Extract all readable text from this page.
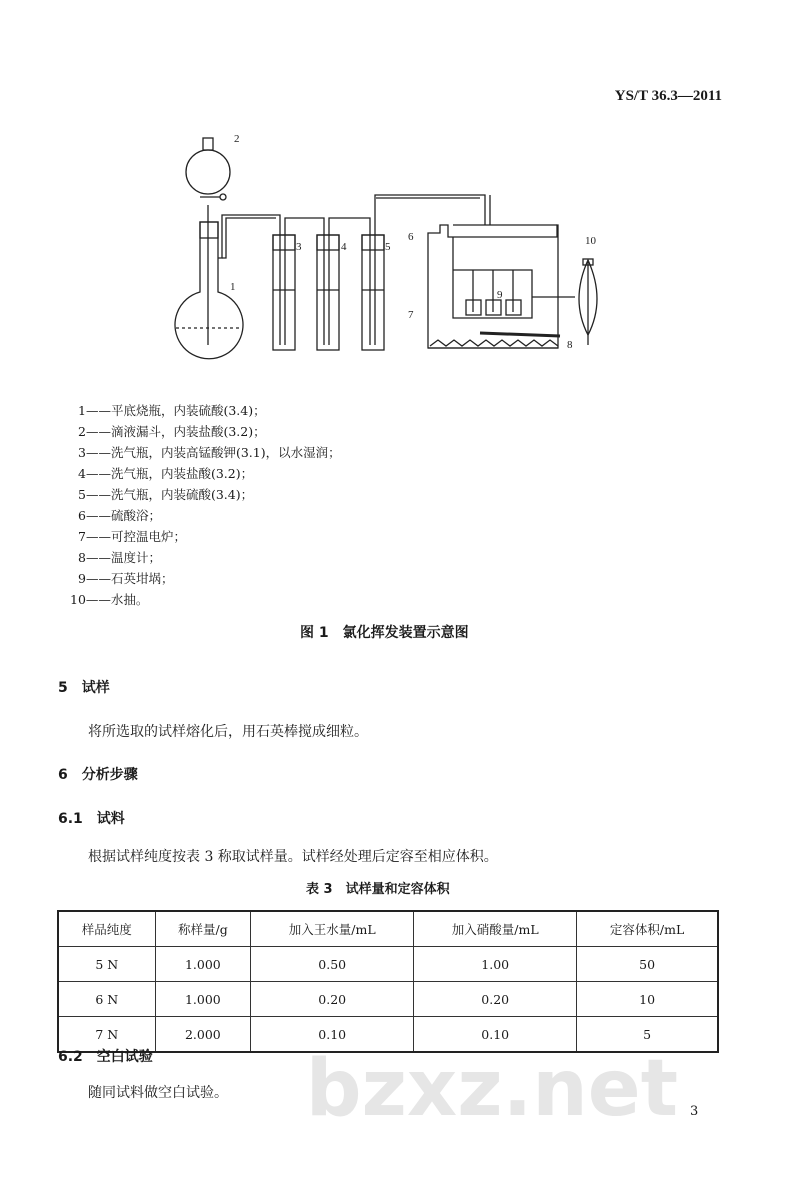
YS/T 36.3—2011
1
2
3	4	5
6
7
8
9
10
1——平底烧瓶，内装硫酸(3.4)；
2——滴液漏斗，内装盐酸(3.2)；
3——洗气瓶，内装高锰酸钾(3.1)，以水湿润；
4——洗气瓶，内装盐酸(3.2)；
5——洗气瓶，内装硫酸(3.4)；
6——硫酸浴；
7——可控温电炉；
8——温度计；
9——石英坩埚；
10——水抽。
图 1　氯化挥发装置示意图
5　试样
将所选取的试样熔化后，用石英棒搅成细粒。
6　分析步骤
6.1　试料
根据试样纯度按表 3 称取试样量。试样经处理后定容至相应体积。
表 3　试样量和定容体积
样品纯度	称样量/g	加入王水量/mL	加入硝酸量/mL	定容体积/mL
5 N	1.000	0.50	1.00	50
6 N	1.000	0.20	0.20	10
7 N	2.000	0.10	0.10	5
6.2　空白试验
随同试料做空白试验。 bzxz.net 3
